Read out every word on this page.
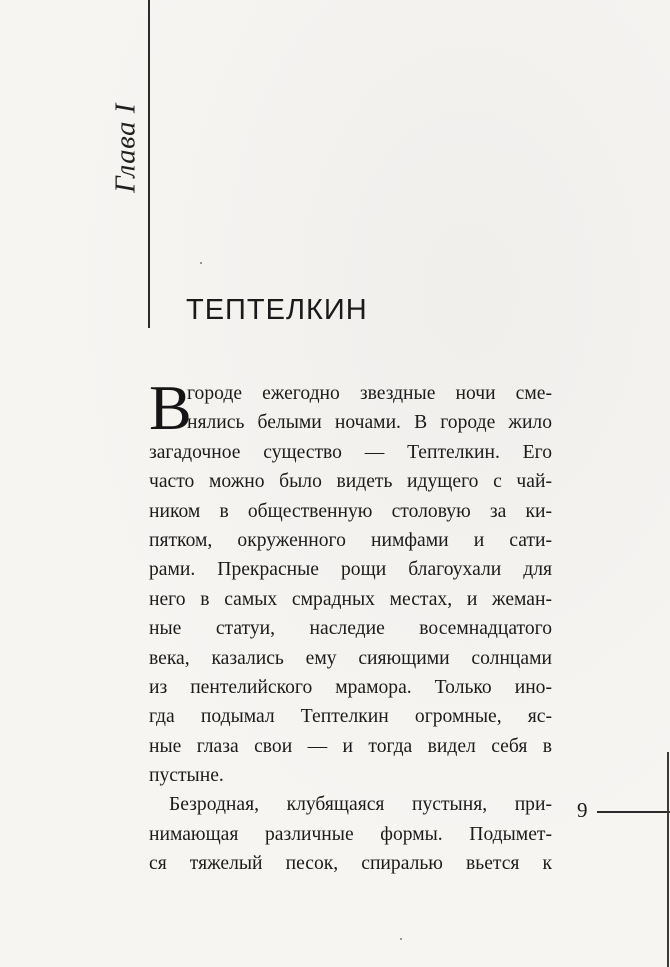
Глава I
ТЕПТЕЛКИН
В
городе ежегодно звездные ночи сме-
нялись белыми ночами. В городе жило
загадочное существо — Тептелкин. Его
часто можно было видеть идущего с чай-
ником в общественную столовую за ки-
пятком, окруженного нимфами и сати-
рами. Прекрасные рощи благоухали для
него в самых смрадных местах, и жеман-
ные статуи, наследие восемнадцатого
века, казались ему сияющими солнцами
из пентелийского мрамора. Только ино-
гда подымал Тептелкин огромные, яс-
ные глаза свои — и тогда видел себя в
пустыне.
Безродная, клубящаяся пустыня, при-
нимающая различные формы. Подымет-
ся тяжелый песок, спиралью вьется к
9
